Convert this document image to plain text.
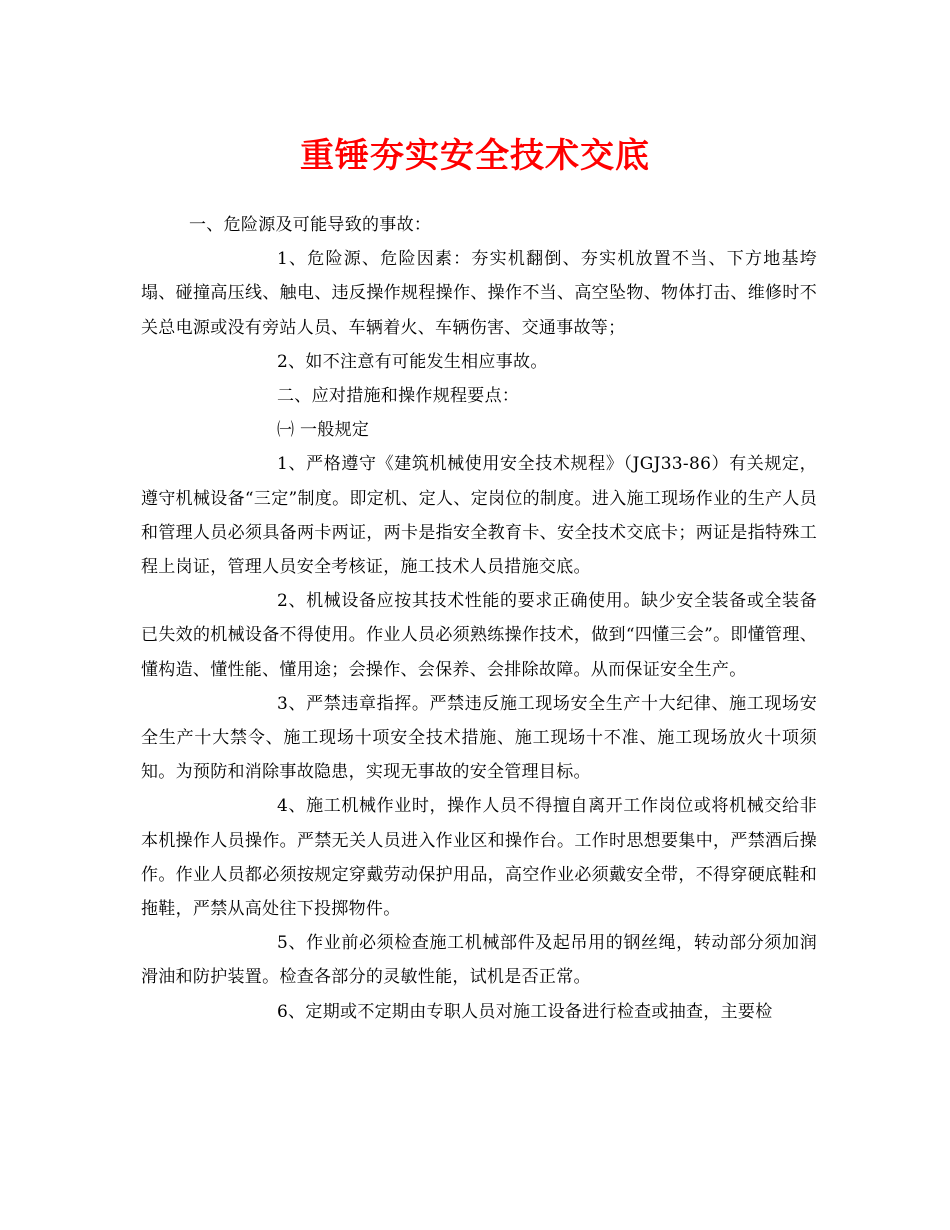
重锤夯实安全技术交底

一、危险源及可能导致的事故：

1、危险源、危险因素：夯实机翻倒、夯实机放置不当、下方地基垮塌、碰撞高压线、触电、违反操作规程操作、操作不当、高空坠物、物体打击、维修时不关总电源或没有旁站人员、车辆着火、车辆伤害、交通事故等；

2、如不注意有可能发生相应事故。

二、应对措施和操作规程要点：

㈠ 一般规定

1、严格遵守《建筑机械使用安全技术规程》（JGJ33-86）有关规定，遵守机械设备“三定”制度。即定机、定人、定岗位的制度。进入施工现场作业的生产人员和管理人员必须具备两卡两证，两卡是指安全教育卡、安全技术交底卡；两证是指特殊工程上岗证，管理人员安全考核证，施工技术人员措施交底。

2、机械设备应按其技术性能的要求正确使用。缺少安全装备或全装备已失效的机械设备不得使用。作业人员必须熟练操作技术，做到“四懂三会”。即懂管理、懂构造、懂性能、懂用途；会操作、会保养、会排除故障。从而保证安全生产。

3、严禁违章指挥。严禁违反施工现场安全生产十大纪律、施工现场安全生产十大禁令、施工现场十项安全技术措施、施工现场十不准、施工现场放火十项须知。为预防和消除事故隐患，实现无事故的安全管理目标。

4、施工机械作业时，操作人员不得擅自离开工作岗位或将机械交给非本机操作人员操作。严禁无关人员进入作业区和操作台。工作时思想要集中，严禁酒后操作。作业人员都必须按规定穿戴劳动保护用品，高空作业必须戴安全带，不得穿硬底鞋和拖鞋，严禁从高处往下投掷物件。

5、作业前必须检查施工机械部件及起吊用的钢丝绳，转动部分须加润滑油和防护装置。检查各部分的灵敏性能，试机是否正常。

6、定期或不定期由专职人员对施工设备进行检查或抽查，主要检
